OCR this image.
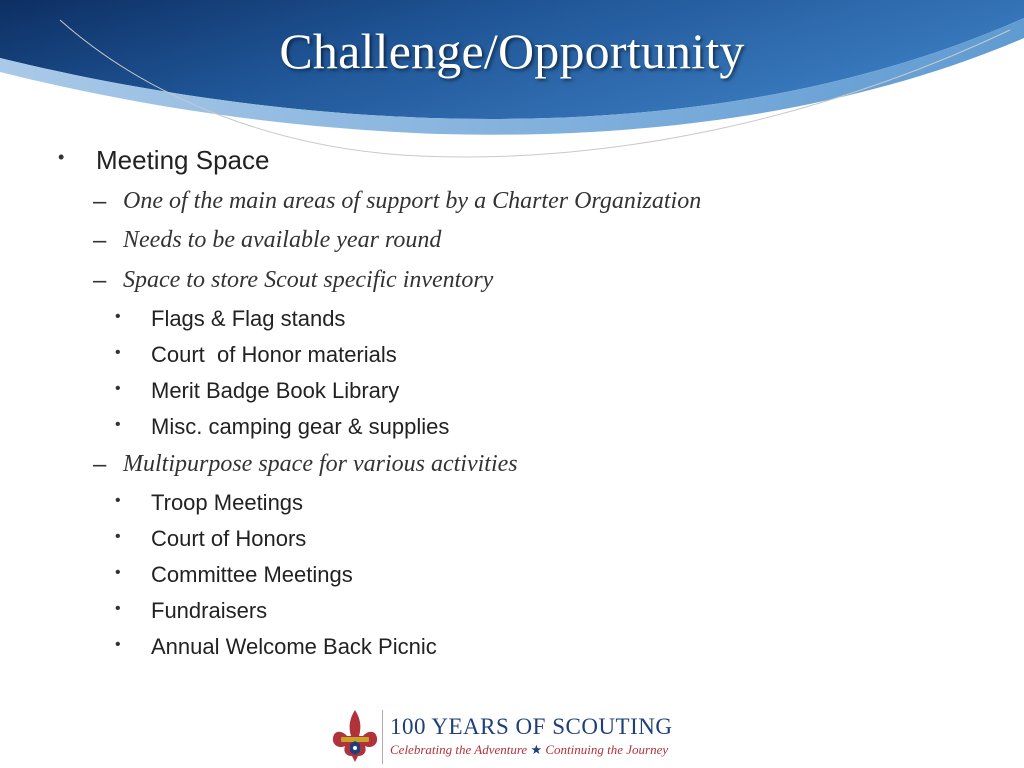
Challenge/Opportunity
• Meeting Space
– One of the main areas of support by a Charter Organization
– Needs to be available year round
– Space to store Scout specific inventory
• Flags & Flag stands
• Court  of Honor materials
• Merit Badge Book Library
• Misc. camping gear & supplies
– Multipurpose space for various activities
• Troop Meetings
• Court of Honors
• Committee Meetings
• Fundraisers
• Annual Welcome Back Picnic
100 YEARS OF SCOUTING
Celebrating the Adventure ★ Continuing the Journey
